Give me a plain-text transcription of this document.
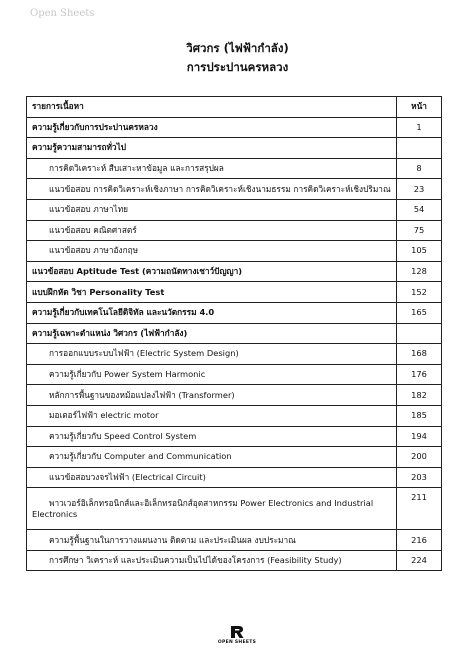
Open Sheets
วิศวกร (ไฟฟ้ากำลัง)
การประปานครหลวง
รายการเนื้อหา	หน้า
ความรู้เกี่ยวกับการประปานครหลวง	1
ความรู้ความสามารถทั่วไป	
การคิดวิเคราะห์ สืบเสาะหาข้อมูล และการสรุปผล	8
แนวข้อสอบ การคิดวิเคราะห์เชิงภาษา การคิดวิเคราะห์เชิงนามธรรม การคิดวิเคราะห์เชิงปริมาณ	23
แนวข้อสอบ ภาษาไทย	54
แนวข้อสอบ คณิตศาสตร์	75
แนวข้อสอบ ภาษาอังกฤษ	105
แนวข้อสอบ Aptitude Test (ความถนัดทางเชาว์ปัญญา)	128
แบบฝึกหัด วิชา Personality Test	152
ความรู้เกี่ยวกับเทคโนโลยีดิจิทัล และนวัตกรรม 4.0	165
ความรู้เฉพาะตำแหน่ง วิศวกร (ไฟฟ้ากำลัง)	
การออกแบบระบบไฟฟ้า (Electric System Design)	168
ความรู้เกี่ยวกับ Power System Harmonic	176
หลักการพื้นฐานของหม้อแปลงไฟฟ้า (Transformer)	182
มอเตอร์ไฟฟ้า electric motor	185
ความรู้เกี่ยวกับ Speed Control System	194
ความรู้เกี่ยวกับ Computer and Communication	200
แนวข้อสอบวงจรไฟฟ้า (Electrical Circuit)	203
พาวเวอร์อิเล็กทรอนิกส์และอิเล็กทรอนิกส์อุตสาหกรรม Power Electronics and Industrial Electronics	211
ความรู้พื้นฐานในการวางแผนงาน ติดตาม และประเมินผล งบประมาณ	216
การศึกษา วิเคราะห์ และประเมินความเป็นไปได้ของโครงการ (Feasibility Study)	224
OPEN SHEETS
